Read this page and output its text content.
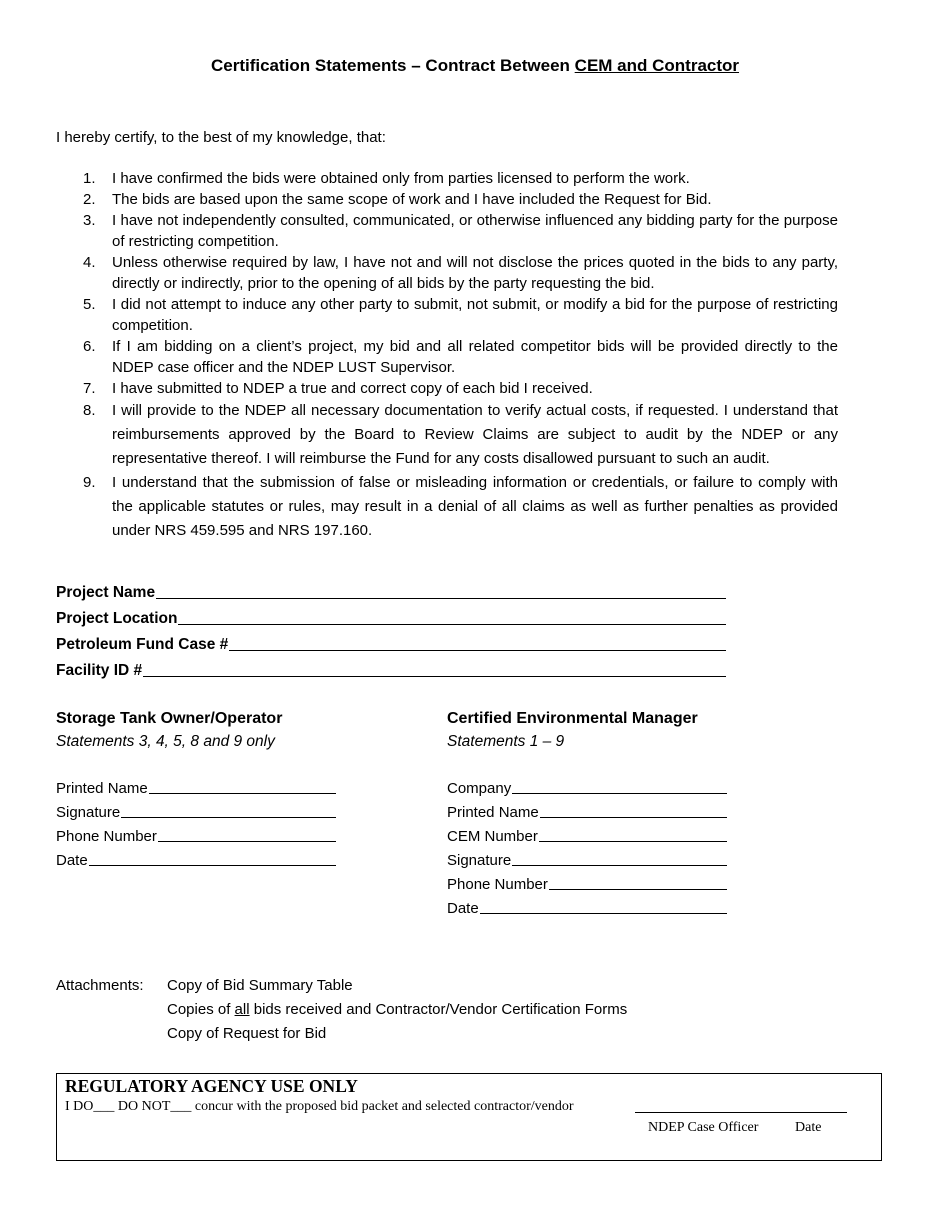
Certification Statements – Contract Between CEM and Contractor
I hereby certify, to the best of my knowledge, that:
1. I have confirmed the bids were obtained only from parties licensed to perform the work.
2. The bids are based upon the same scope of work and I have included the Request for Bid.
3. I have not independently consulted, communicated, or otherwise influenced any bidding party for the purpose of restricting competition.
4. Unless otherwise required by law, I have not and will not disclose the prices quoted in the bids to any party, directly or indirectly, prior to the opening of all bids by the party requesting the bid.
5. I did not attempt to induce any other party to submit, not submit, or modify a bid for the purpose of restricting competition.
6. If I am bidding on a client’s project, my bid and all related competitor bids will be provided directly to the NDEP case officer and the NDEP LUST Supervisor.
7. I have submitted to NDEP a true and correct copy of each bid I received.
8. I will provide to the NDEP all necessary documentation to verify actual costs, if requested. I understand that reimbursements approved by the Board to Review Claims are subject to audit by the NDEP or any representative thereof. I will reimburse the Fund for any costs disallowed pursuant to such an audit.
9. I understand that the submission of false or misleading information or credentials, or failure to comply with the applicable statutes or rules, may result in a denial of all claims as well as further penalties as provided under NRS 459.595 and NRS 197.160.
Project Name
Project Location
Petroleum Fund Case #
Facility ID #
Storage Tank Owner/Operator
Statements 3, 4, 5, 8 and 9 only
Printed Name
Signature
Phone Number
Date
Certified Environmental Manager
Statements 1 – 9
Company
Printed Name
CEM Number
Signature
Phone Number
Date
Attachments: Copy of Bid Summary Table
Copies of all bids received and Contractor/Vendor Certification Forms
Copy of Request for Bid
REGULATORY AGENCY USE ONLY
I DO___ DO NOT___ concur with the proposed bid packet and selected contractor/vendor
NDEP Case Officer	Date
